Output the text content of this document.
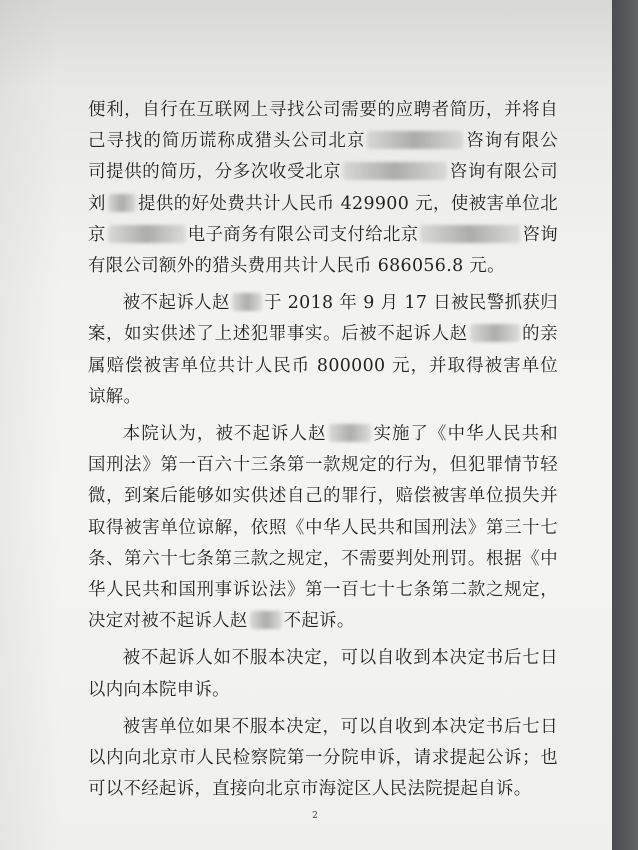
便利，自行在互联网上寻找公司需要的应聘者简历，并将自己寻找的简历谎称成猎头公司北京	咨询有限公司提供的简历，分多次收受北京	咨询有限公司刘 提供的好处费共计人民币 429900 元，使被害单位北京	电子商务有限公司支付给北京	咨询有限公司额外的猎头费用共计人民币 686056.8 元。

被不起诉人赵 于 2018 年 9 月 17 日被民警抓获归案，如实供述了上述犯罪事实。后被不起诉人赵	的亲属赔偿被害单位共计人民币 800000 元，并取得被害单位谅解。

本院认为，被不起诉人赵	实施了《中华人民共和国刑法》第一百六十三条第一款规定的行为，但犯罪情节轻微，到案后能够如实供述自己的罪行，赔偿被害单位损失并取得被害单位谅解，依照《中华人民共和国刑法》第三十七条、第六十七条第三款之规定，不需要判处刑罚。根据《中华人民共和国刑事诉讼法》第一百七十七条第二款之规定，决定对被不起诉人赵 不起诉。

被不起诉人如不服本决定，可以自收到本决定书后七日以内向本院申诉。

被害单位如果不服本决定，可以自收到本决定书后七日以内向北京市人民检察院第一分院申诉，请求提起公诉；也可以不经起诉，直接向北京市海淀区人民法院提起自诉。

2
